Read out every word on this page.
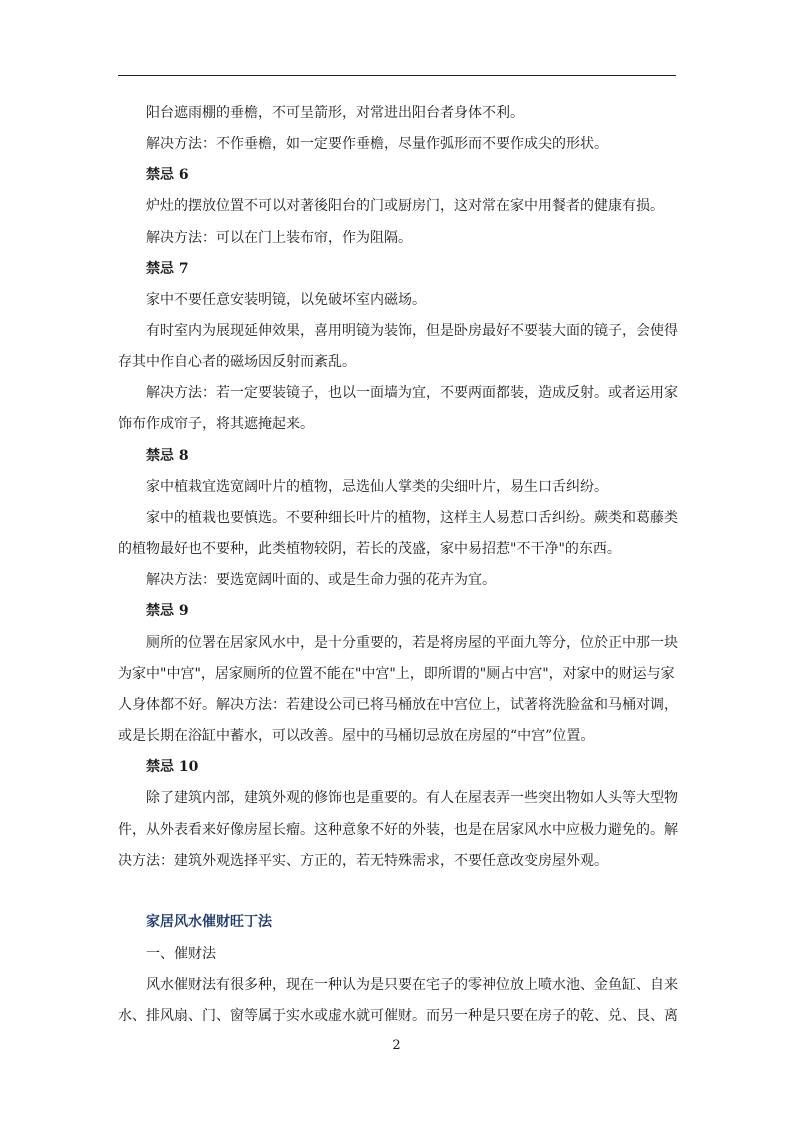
阳台遮雨棚的垂檐，不可呈箭形，对常进出阳台者身体不利。
解决方法：不作垂檐，如一定要作垂檐，尽量作弧形而不要作成尖的形状。
禁忌 6
炉灶的摆放位置不可以对著後阳台的门或厨房门，这对常在家中用餐者的健康有损。
解决方法：可以在门上装布帘，作为阻隔。
禁忌 7
家中不要任意安装明镜，以免破坏室内磁场。
有时室内为展现延伸效果，喜用明镜为装饰，但是卧房最好不要装大面的镜子，会使得
存其中作自心者的磁场因反射而紊乱。
解决方法：若一定要装镜子，也以一面墙为宜，不要两面都装，造成反射。或者运用家
饰布作成帘子，将其遮掩起来。
禁忌 8
家中植栽宜选宽阔叶片的植物，忌选仙人掌类的尖细叶片，易生口舌纠纷。
家中的植栽也要慎选。不要种细长叶片的植物，这样主人易惹口舌纠纷。蕨类和葛藤类
的植物最好也不要种，此类植物较阴，若长的茂盛，家中易招惹"不干净"的东西。
解决方法：要选宽阔叶面的、或是生命力强的花卉为宜。
禁忌 9
厕所的位署在居家风水中，是十分重要的，若是将房屋的平面九等分，位於正中那一块
为家中"中宫"，居家厕所的位置不能在"中宫"上，即所谓的"厕占中宫"，对家中的财运与家
人身体都不好。解决方法：若建设公司已将马桶放在中宫位上，试著将洗脸盆和马桶对调，
或是长期在浴缸中蓄水，可以改善。屋中的马桶切忌放在房屋的“中宫”位置。
禁忌 10
除了建筑内部，建筑外观的修饰也是重要的。有人在屋表弄一些突出物如人头等大型物
件，从外表看来好像房屋长瘤。这种意象不好的外装，也是在居家风水中应极力避免的。解
决方法：建筑外观选择平实、方正的，若无特殊需求，不要任意改变房屋外观。
家居风水催财旺丁法
一、催财法
风水催财法有很多种，现在一种认为是只要在宅子的零神位放上喷水池、金鱼缸、自来
水、排风扇、门、窗等属于实水或虚水就可催财。而另一种是只要在房子的乾、兑、艮、离
2
